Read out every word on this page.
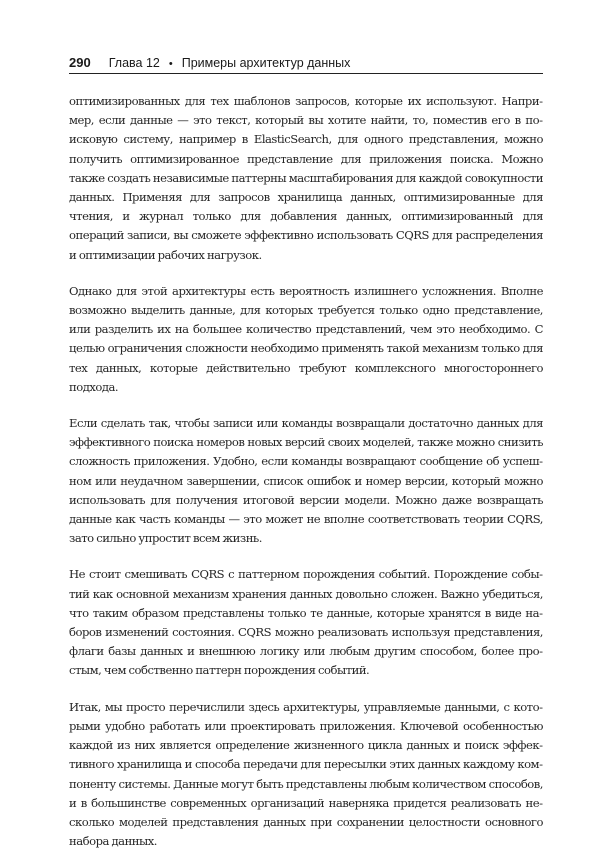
290 Глава 12 • Примеры архитектур данных

оптимизированных для тех шаблонов запросов, которые их используют. Например, если данные — это текст, который вы хотите найти, то, поместив его в поисковую систему, например в ElasticSearch, для одного представления, можно получить оптимизированное представление для приложения поиска. Можно также создать независимые паттерны масштабирования для каждой совокупности данных. Применяя для запросов хранилища данных, оптимизированные для чтения, и журнал только для добавления данных, оптимизированный для операций записи, вы сможете эффективно использовать CQRS для распределения и оптимизации рабочих нагрузок.

Однако для этой архитектуры есть вероятность излишнего усложнения. Вполне возможно выделить данные, для которых требуется только одно представление, или разделить их на большее количество представлений, чем это необходимо. С целью ограничения сложности необходимо применять такой механизм только для тех данных, которые действительно требуют комплексного многостороннего подхода.

Если сделать так, чтобы записи или команды возвращали достаточно данных для эффективного поиска номеров новых версий своих моделей, также можно снизить сложность приложения. Удобно, если команды возвращают сообщение об успешном или неудачном завершении, список ошибок и номер версии, который можно использовать для получения итоговой версии модели. Можно даже возвращать данные как часть команды — это может не вполне соответствовать теории CQRS, зато сильно упростит всем жизнь.

Не стоит смешивать CQRS с паттерном порождения событий. Порождение событий как основной механизм хранения данных довольно сложен. Важно убедиться, что таким образом представлены только те данные, которые хранятся в виде наборов изменений состояния. CQRS можно реализовать используя представления, флаги базы данных и внешнюю логику или любым другим способом, более простым, чем собственно паттерн порождения событий.

Итак, мы просто перечислили здесь архитектуры, управляемые данными, с которыми удобно работать или проектировать приложения. Ключевой особенностью каждой из них является определение жизненного цикла данных и поиск эффективного хранилища и способа передачи для пересылки этих данных каждому компоненту системы. Данные могут быть представлены любым количеством способов, и в большинстве современных организаций наверняка придется реализовать несколько моделей представления данных при сохранении целостности основного набора данных.
